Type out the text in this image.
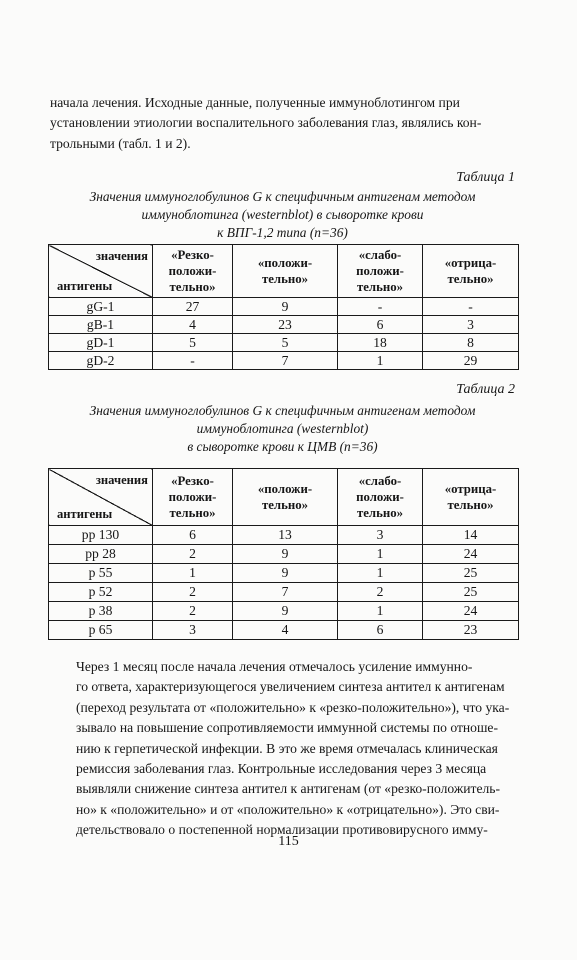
начала лечения. Исходные данные, полученные иммуноблотингом при
установлении этиологии воспалительного заболевания глаз, являлись кон-
трольными (табл. 1 и 2).
Таблица 1
Значения иммуноглобулинов G к специфичным антигенам методом
иммуноблотинга (westernblot) в сыворотке крови
к ВПГ-1,2 типа (n=36)
значения
антигены	«Резко-
положи-
тельно»	«положи-
тельно»	«слабо-
положи-
тельно»	«отрица-
тельно»

gG-1	27	9	-	-
gB-1	4	23	6	3
gD-1	5	5	18	8
gD-2	-	7	1	29
Таблица 2
Значения иммуноглобулинов G к специфичным антигенам методом
иммуноблотинга (westernblot)
в сыворотке крови к ЦМВ (n=36)
значения
антигены	«Резко-
положи-
тельно»	«положи-
тельно»	«слабо-
положи-
тельно»	«отрица-
тельно»

pp 130	6	13	3	14
pp 28	2	9	1	24
p 55	1	9	1	25
p 52	2	7	2	25
p 38	2	9	1	24
p 65	3	4	6	23
Через 1 месяц после начала лечения отмечалось усиление иммунно-
го ответа, характеризующегося увеличением синтеза антител к антигенам
(переход результата от «положительно» к «резко-положительно»), что ука-
зывало на повышение сопротивляемости иммунной системы по отноше-
нию к герпетической инфекции. В это же время отмечалась клиническая
ремиссия заболевания глаз. Контрольные исследования через 3 месяца
выявляли снижение синтеза антител к антигенам (от «резко-положитель-
но» к «положительно» и от «положительно» к «отрицательно»). Это сви-
детельствовало о постепенной нормализации противовирусного имму-
115
